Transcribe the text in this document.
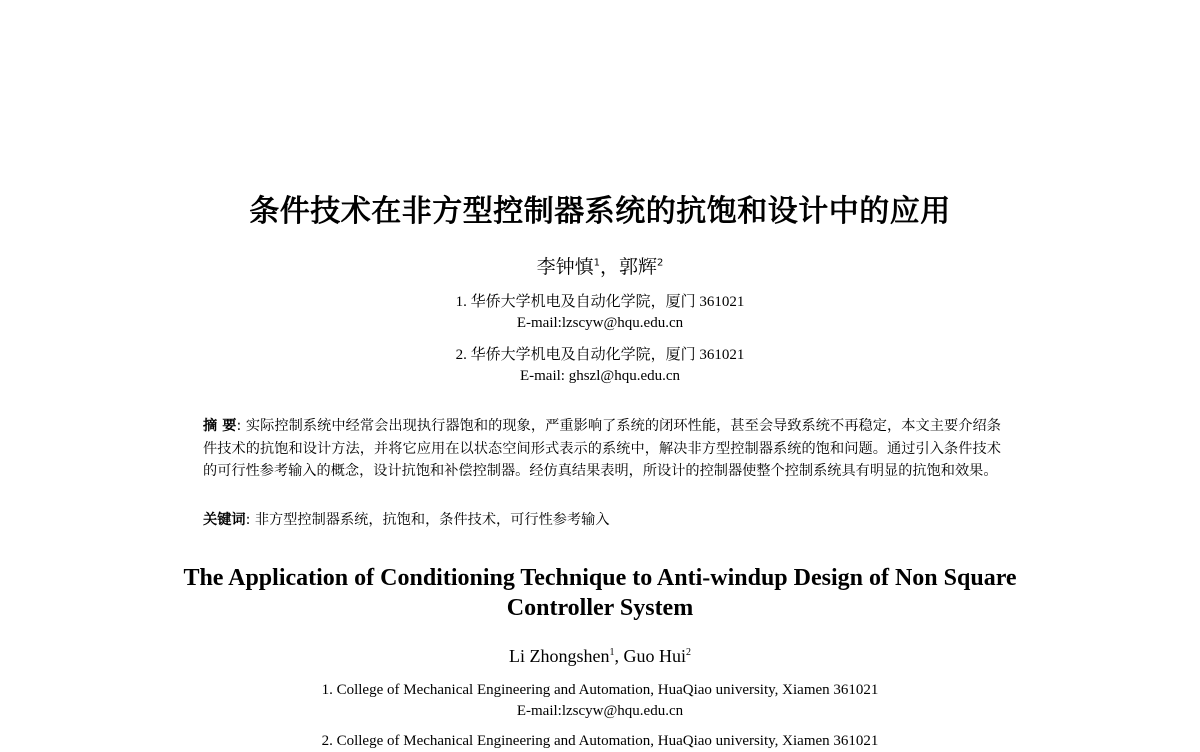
条件技术在非方型控制器系统的抗饱和设计中的应用
李钟慎$^1$，郭辉$^2$
1. 华侨大学机电及自动化学院，厦门 361021
E-mail:lzscyw@hqu.edu.cn
2. 华侨大学机电及自动化学院，厦门 361021
E-mail: ghszl@hqu.edu.cn
摘 要: 实际控制系统中经常会出现执行器饱和的现象，严重影响了系统的闭环性能，甚至会导致系统不再稳定，本文主要介绍条件技术的抗饱和设计方法，并将它应用在以状态空间形式表示的系统中，解决非方型控制器系统的饱和问题。通过引入条件技术的可行性参考输入的概念，设计抗饱和补偿控制器。经仿真结果表明，所设计的控制器使整个控制系统具有明显的抗饱和效果。
关键词: 非方型控制器系统，抗饱和，条件技术，可行性参考输入
The Application of Conditioning Technique to Anti-windup Design of Non Square
Controller System
Li Zhongshen$^1$, Guo Hui$^2$
1. College of Mechanical Engineering and Automation, HuaQiao university, Xiamen 361021
E-mail:lzscyw@hqu.edu.cn
2. College of Mechanical Engineering and Automation, HuaQiao university, Xiamen 361021
